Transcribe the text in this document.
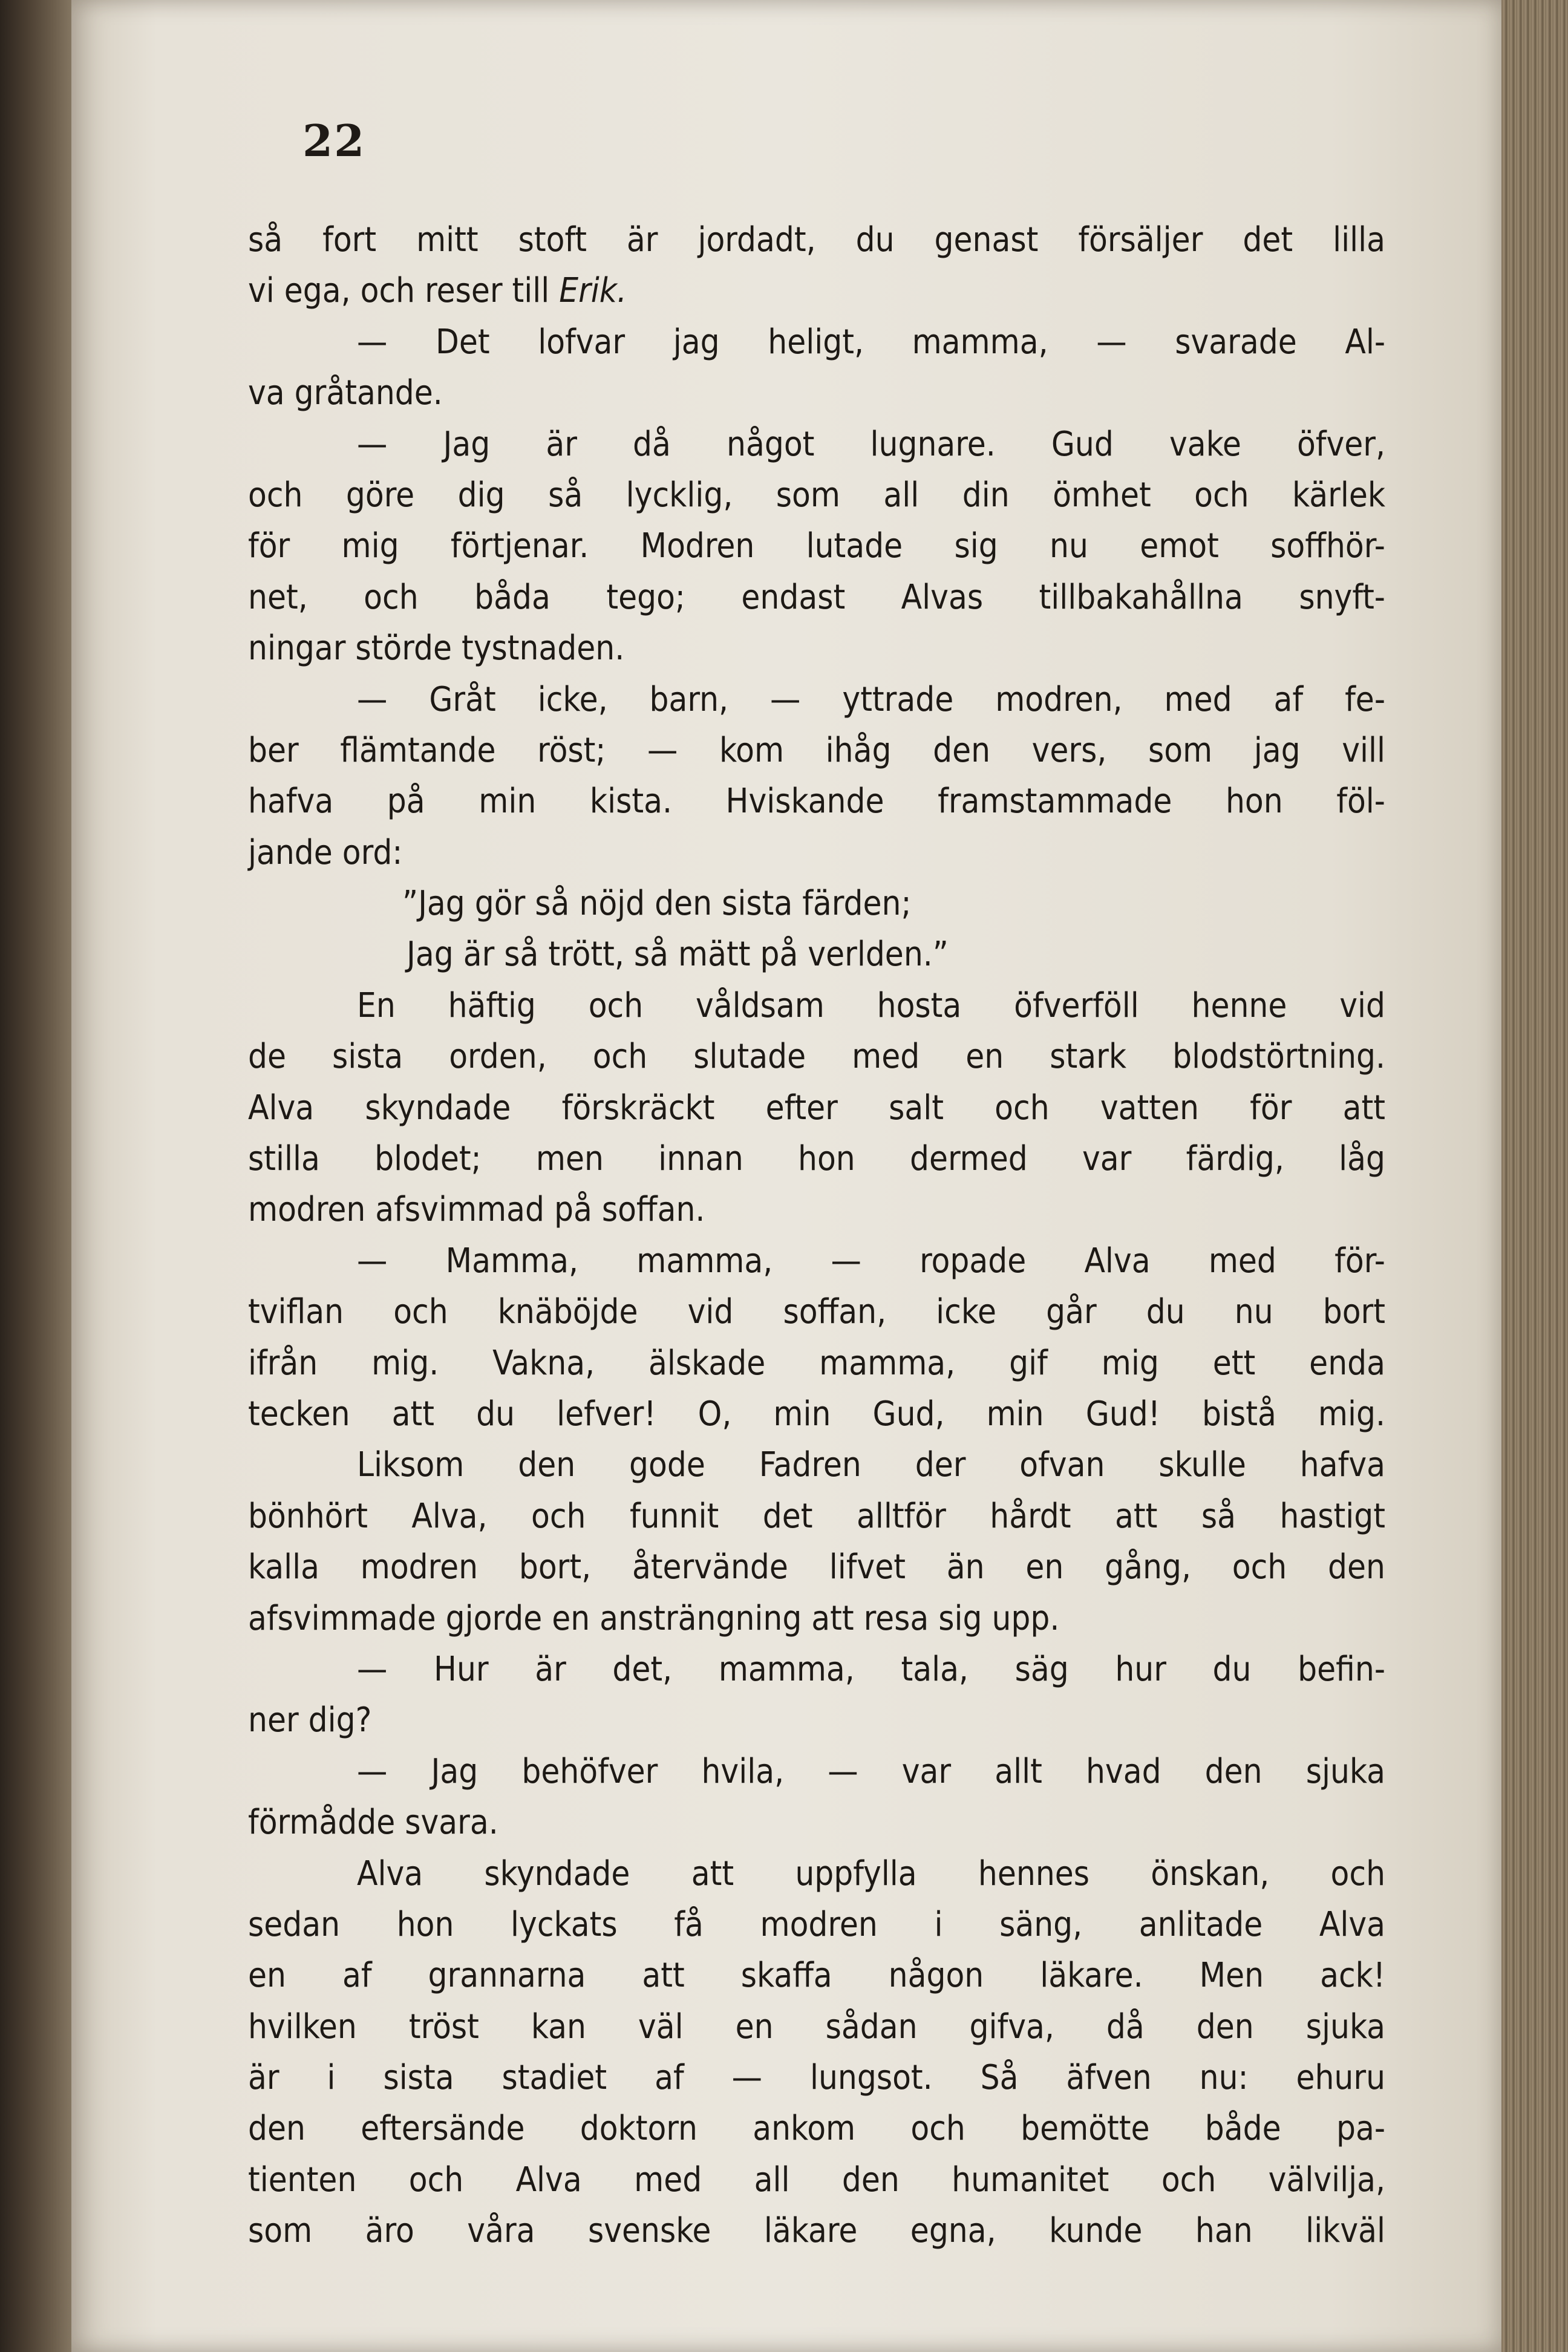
22
så fort mitt stoft är jordadt, du genast försäljer det lilla
vi ega, och reser till Erik.
— Det lofvar jag heligt, mamma, — svarade Al-
va gråtande.
— Jag är då något lugnare. Gud vake öfver,
och göre dig så lycklig, som all din ömhet och kärlek
för mig förtjenar. Modren lutade sig nu emot soffhör-
net, och båda tego; endast Alvas tillbakahållna snyft-
ningar störde tystnaden.
— Gråt icke, barn, — yttrade modren, med af fe-
ber flämtande röst; — kom ihåg den vers, som jag vill
hafva på min kista. Hviskande framstammade hon föl-
jande ord:
”Jag gör så nöjd den sista färden;
Jag är så trött, så mätt på verlden.”
En häftig och våldsam hosta öfverföll henne vid
de sista orden, och slutade med en stark blodstörtning.
Alva skyndade förskräckt efter salt och vatten för att
stilla blodet; men innan hon dermed var färdig, låg
modren afsvimmad på soffan.
— Mamma, mamma, — ropade Alva med för-
tviflan och knäböjde vid soffan, icke går du nu bort
ifrån mig. Vakna, älskade mamma, gif mig ett enda
tecken att du lefver! O, min Gud, min Gud! bistå mig.
Liksom den gode Fadren der ofvan skulle hafva
bönhört Alva, och funnit det alltför hårdt att så hastigt
kalla modren bort, återvände lifvet än en gång, och den
afsvimmade gjorde en ansträngning att resa sig upp.
— Hur är det, mamma, tala, säg hur du befin-
ner dig?
— Jag behöfver hvila, — var allt hvad den sjuka
förmådde svara.
Alva skyndade att uppfylla hennes önskan, och
sedan hon lyckats få modren i säng, anlitade Alva
en af grannarna att skaffa någon läkare. Men ack!
hvilken tröst kan väl en sådan gifva, då den sjuka
är i sista stadiet af — lungsot. Så äfven nu: ehuru
den eftersände doktorn ankom och bemötte både pa-
tienten och Alva med all den humanitet och välvilja,
som äro våra svenske läkare egna, kunde han likväl
